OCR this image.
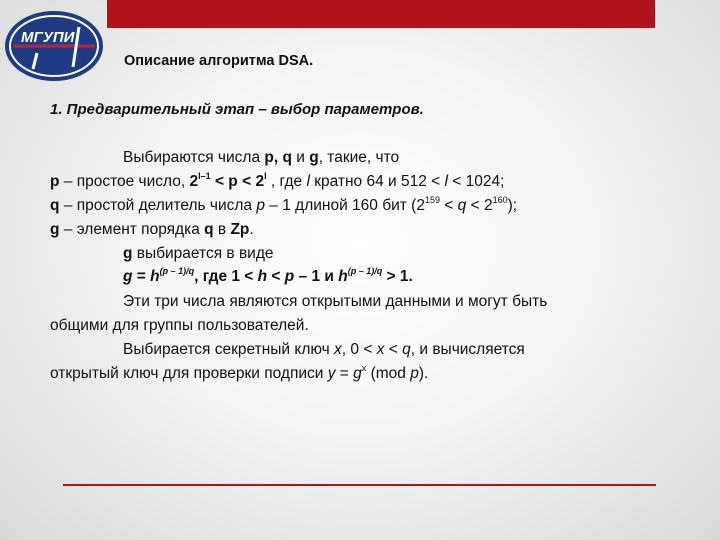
МГУПИ
Описание алгоритма DSA.
1. Предварительный этап – выбор параметров.
Выбираются числа p, q и g, такие, что
p – простое число, $2^{l-1} < p < 2^l$ , где l кратно 64 и 512 < l < 1024;
q – простой делитель числа p – 1 длиной 160 бит $(2^{159} < q < 2^{160})$;
g – элемент порядка q в Zp.
g выбирается в виде
$g = h^{(p - 1)/q}$, где 1 < h < p – 1 и $h^{(p - 1)/q} > 1$.
Эти три числа являются открытыми данными и могут быть
общими для группы пользователей.
Выбирается секретный ключ x, 0 < x < q, и вычисляется
открытый ключ для проверки подписи $y = g^x$ (mod p).
